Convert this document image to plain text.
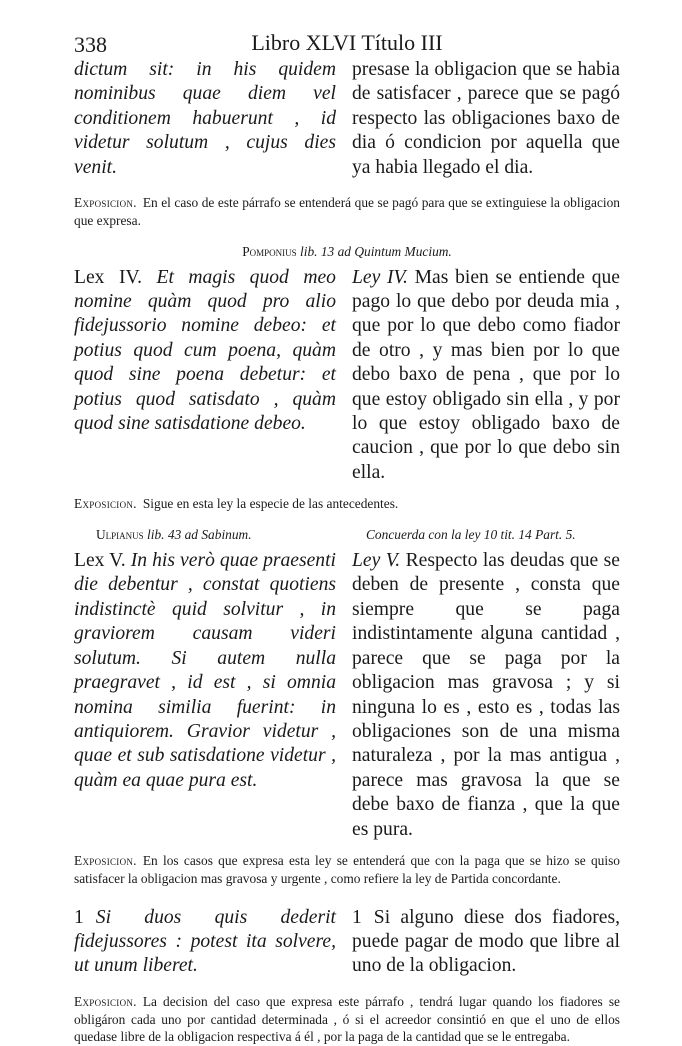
338	Libro XLVI Título III

dictum sit: in his quidem nominibus quae diem vel conditionem habuerunt , id videtur solutum , cujus dies venit.

presase la obligacion que se habia de satisfacer , parece que se pagó respecto las obligaciones baxo de dia ó condicion por aquella que ya habia llegado el dia.

Exposicion. En el caso de este párrafo se entenderá que se pagó para que se extinguiese la obligacion que expresa.

Pomponius lib. 13 ad Quintum Mucium.

Lex IV. Et magis quod meo nomine quàm quod pro alio fidejussorio nomine debeo: et potius quod cum poena, quàm quod sine poena debetur: et potius quod satisdato , quàm quod sine satisdatione debeo.

Ley IV. Mas bien se entiende que pago lo que debo por deuda mia , que por lo que debo como fiador de otro , y mas bien por lo que debo baxo de pena , que por lo que estoy obligado sin ella , y por lo que estoy obligado baxo de caucion , que por lo que debo sin ella.

Exposicion. Sigue en esta ley la especie de las antecedentes.

Ulpianus lib. 43 ad Sabinum.	Concuerda con la ley 10 tit. 14 Part. 5.

Lex V. In his verò quae praesenti die debentur , constat quotiens indistinctè quid solvitur , in graviorem causam videri solutum. Si autem nulla praegravet , id est , si omnia nomina similia fuerint: in antiquiorem. Gravior videtur , quae et sub satisdatione videtur , quàm ea quae pura est.

Ley V. Respecto las deudas que se deben de presente , consta que siempre que se paga indistintamente alguna cantidad , parece que se paga por la obligacion mas gravosa ; y si ninguna lo es , esto es , todas las obligaciones son de una misma naturaleza , por la mas antigua , parece mas gravosa la que se debe baxo de fianza , que la que es pura.

Exposicion. En los casos que expresa esta ley se entenderá que con la paga que se hizo se quiso satisfacer la obligacion mas gravosa y urgente , como refiere la ley de Partida concordante.

1 Si duos quis dederit fidejussores : potest ita solvere, ut unum liberet.

1 Si alguno diese dos fiadores, puede pagar de modo que libre al uno de la obligacion.

Exposicion. La decision del caso que expresa este párrafo , tendrá lugar quando los fiadores se obligáron cada uno por cantidad determinada , ó si el acreedor consintió en que el uno de ellos quedase libre de la obligacion respectiva á él , por la paga de la cantidad que se le entregaba.
